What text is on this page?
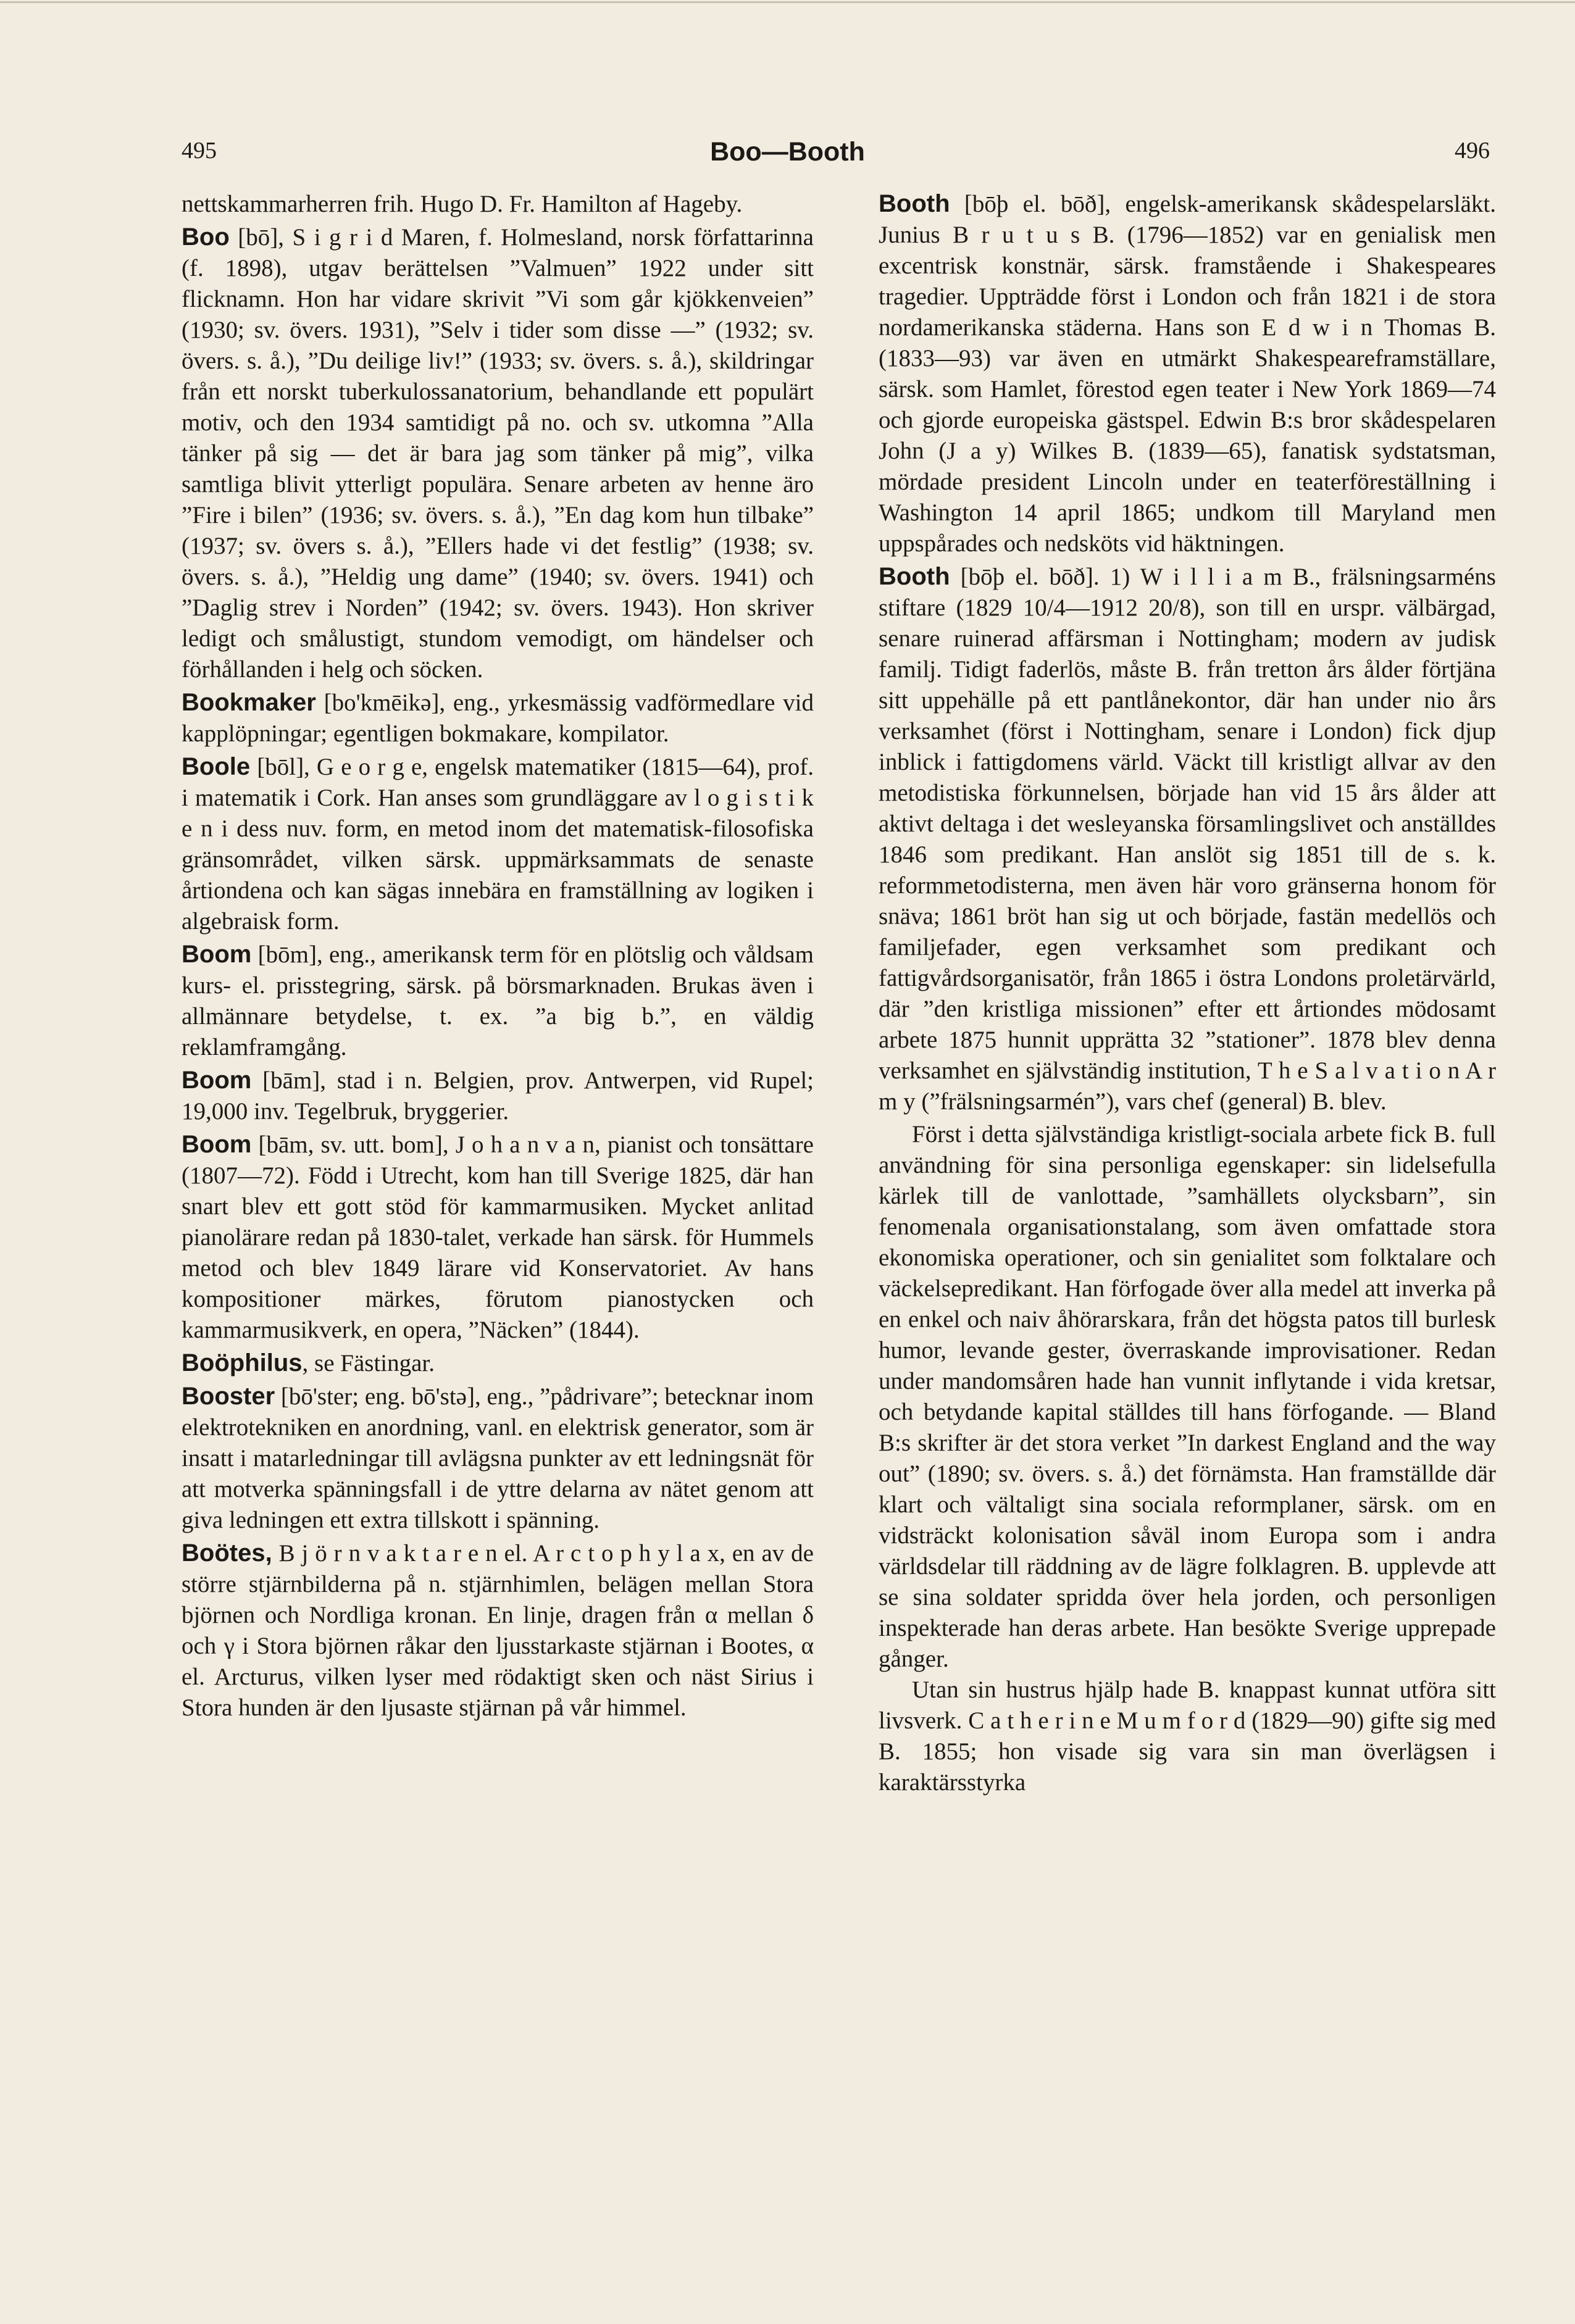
495	Boo—Booth	496

nettskammarherren frih. Hugo D. Fr. Hamilton af Hageby.

Boo [bō], S i g r i d Maren, f. Holmesland, norsk författarinna (f. 1898), utgav berättelsen ”Valmuen” 1922 under sitt flicknamn. Hon har vidare skrivit ”Vi som går kjökkenveien” (1930; sv. övers. 1931), ”Selv i tider som disse —” (1932; sv. övers. s. å.), ”Du deilige liv!” (1933; sv. övers. s. å.), skildringar från ett norskt tuberkulossanatorium, behandlande ett populärt motiv, och den 1934 samtidigt på no. och sv. utkomna ”Alla tänker på sig — det är bara jag som tänker på mig”, vilka samtliga blivit ytterligt populära. Senare arbeten av henne äro ”Fire i bilen” (1936; sv. övers. s. å.), ”En dag kom hun tilbake” (1937; sv. övers s. å.), ”Ellers hade vi det festlig” (1938; sv. övers. s. å.), ”Heldig ung dame” (1940; sv. övers. 1941) och ”Daglig strev i Norden” (1942; sv. övers. 1943). Hon skriver ledigt och smålustigt, stundom vemodigt, om händelser och förhållanden i helg och söcken.

Bookmaker [bo'kmēikə], eng., yrkesmässig vadförmedlare vid kapplöpningar; egentligen bokmakare, kompilator.

Boole [bōl], G e o r g e, engelsk matematiker (1815—64), prof. i matematik i Cork. Han anses som grundläggare av l o g i s t i k e n i dess nuv. form, en metod inom det matematisk-filosofiska gränsområdet, vilken särsk. uppmärksammats de senaste årtiondena och kan sägas innebära en framställning av logiken i algebraisk form.

Boom [bōm], eng., amerikansk term för en plötslig och våldsam kurs- el. prisstegring, särsk. på börsmarknaden. Brukas även i allmännare betydelse, t. ex. ”a big b.”, en väldig reklamframgång.

Boom [bām], stad i n. Belgien, prov. Antwerpen, vid Rupel; 19,000 inv. Tegelbruk, bryggerier.

Boom [bām, sv. utt. bom], J o h a n v a n, pianist och tonsättare (1807—72). Född i Utrecht, kom han till Sverige 1825, där han snart blev ett gott stöd för kammarmusiken. Mycket anlitad pianolärare redan på 1830-talet, verkade han särsk. för Hummels metod och blev 1849 lärare vid Konservatoriet. Av hans kompositioner märkes, förutom pianostycken och kammarmusikverk, en opera, ”Näcken” (1844).

Boöphilus, se Fästingar.

Booster [bō'ster; eng. bō'stə], eng., ”pådrivare”; betecknar inom elektrotekniken en anordning, vanl. en elektrisk generator, som är insatt i matarledningar till avlägsna punkter av ett ledningsnät för att motverka spänningsfall i de yttre delarna av nätet genom att giva ledningen ett extra tillskott i spänning.

Boötes, B j ö r n v a k t a r e n el. A r c t o p h y l a x, en av de större stjärnbilderna på n. stjärnhimlen, belägen mellan Stora björnen och Nordliga kronan. En linje, dragen från α mellan δ och γ i Stora björnen råkar den ljusstarkaste stjärnan i Bootes, α el. Arcturus, vilken lyser med rödaktigt sken och näst Sirius i Stora hunden är den ljusaste stjärnan på vår himmel.

Booth [bōþ el. bōð], engelsk-amerikansk skådespelarsläkt. Junius B r u t u s B. (1796—1852) var en genialisk men excentrisk konstnär, särsk. framstående i Shakespeares tragedier. Uppträdde först i London och från 1821 i de stora nordamerikanska städerna. Hans son E d w i n Thomas B. (1833—93) var även en utmärkt Shakespeareframställare, särsk. som Hamlet, förestod egen teater i New York 1869—74 och gjorde europeiska gästspel. Edwin B:s bror skådespelaren John (J a y) Wilkes B. (1839—65), fanatisk sydstatsman, mördade president Lincoln under en teaterföreställning i Washington 14 april 1865; undkom till Maryland men uppspårades och nedsköts vid häktningen.

Booth [bōþ el. bōð]. 1) W i l l i a m B., frälsningsarméns stiftare (1829 10/4—1912 20/8), son till en urspr. välbärgad, senare ruinerad affärsman i Nottingham; modern av judisk familj. Tidigt faderlös, måste B. från tretton års ålder förtjäna sitt uppehälle på ett pantlånekontor, där han under nio års verksamhet (först i Nottingham, senare i London) fick djup inblick i fattigdomens värld. Väckt till kristligt allvar av den metodistiska förkunnelsen, började han vid 15 års ålder att aktivt deltaga i det wesleyanska församlingslivet och anställdes 1846 som predikant. Han anslöt sig 1851 till de s. k. reformmetodisterna, men även här voro gränserna honom för snäva; 1861 bröt han sig ut och började, fastän medellös och familjefader, egen verksamhet som predikant och fattigvårdsorganisatör, från 1865 i östra Londons proletärvärld, där ”den kristliga missionen” efter ett årtiondes mödosamt arbete 1875 hunnit upprätta 32 ”stationer”. 1878 blev denna verksamhet en självständig institution, T h e S a l v a t i o n A r m y (”frälsningsarmén”), vars chef (general) B. blev.

Först i detta självständiga kristligt-sociala arbete fick B. full användning för sina personliga egenskaper: sin lidelsefulla kärlek till de vanlottade, ”samhällets olycksbarn”, sin fenomenala organisationstalang, som även omfattade stora ekonomiska operationer, och sin genialitet som folktalare och väckelsepredikant. Han förfogade över alla medel att inverka på en enkel och naiv åhörarskara, från det högsta patos till burlesk humor, levande gester, överraskande improvisationer. Redan under mandomsåren hade han vunnit inflytande i vida kretsar, och betydande kapital ställdes till hans förfogande. — Bland B:s skrifter är det stora verket ”In darkest England and the way out” (1890; sv. övers. s. å.) det förnämsta. Han framställde där klart och vältaligt sina sociala reformplaner, särsk. om en vidsträckt kolonisation såväl inom Europa som i andra världsdelar till räddning av de lägre folklagren. B. upplevde att se sina soldater spridda över hela jorden, och personligen inspekterade han deras arbete. Han besökte Sverige upprepade gånger.

Utan sin hustrus hjälp hade B. knappast kunnat utföra sitt livsverk. C a t h e r i n e M u m f o r d (1829—90) gifte sig med B. 1855; hon visade sig vara sin man överlägsen i karaktärsstyrka
